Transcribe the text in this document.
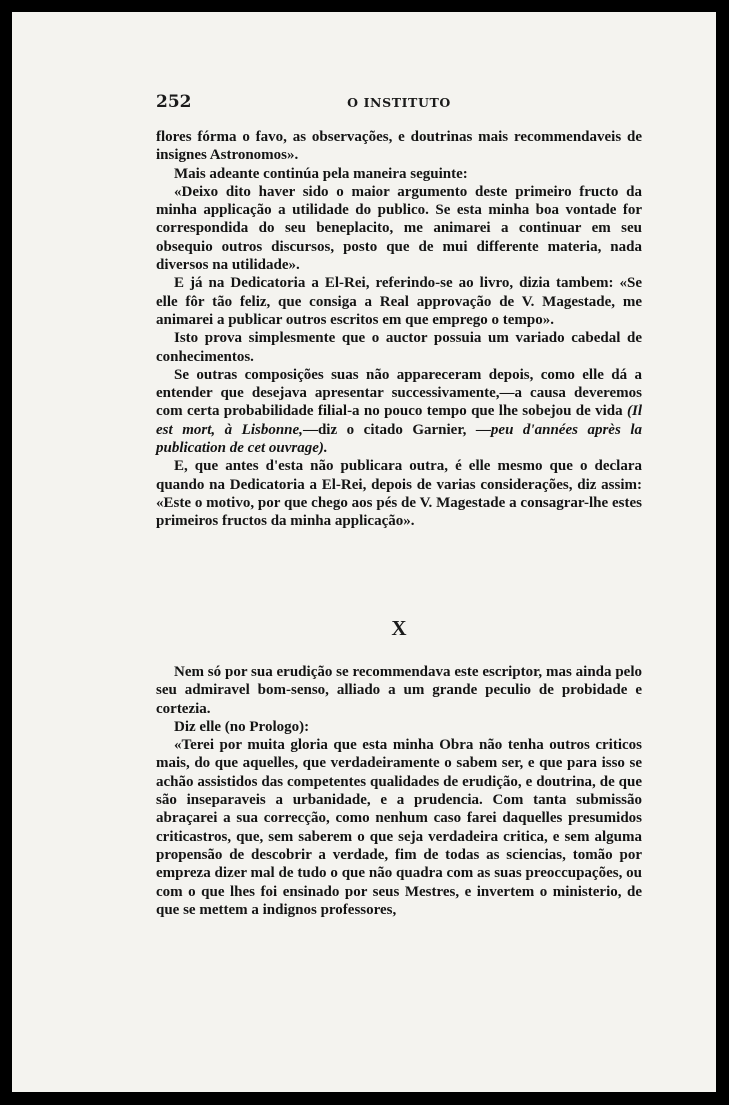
252	O INSTITUTO

flores fórma o favo, as observações, e doutrinas mais recommendaveis de insignes Astronomos».

Mais adeante continúa pela maneira seguinte:

«Deixo dito haver sido o maior argumento deste primeiro fructo da minha applicação a utilidade do publico. Se esta minha boa vontade for correspondida do seu beneplacito, me animarei a continuar em seu obsequio outros discursos, posto que de mui differente materia, nada diversos na utilidade».

E já na Dedicatoria a El-Rei, referindo-se ao livro, dizia tambem: «Se elle fôr tão feliz, que consiga a Real approvação de V. Magestade, me animarei a publicar outros escritos em que emprego o tempo».

Isto prova simplesmente que o auctor possuia um variado cabedal de conhecimentos.

Se outras composições suas não appareceram depois, como elle dá a entender que desejava apresentar successivamente,—a causa deveremos com certa probabilidade filial-a no pouco tempo que lhe sobejou de vida (Il est mort, à Lisbonne,—diz o citado Garnier, —peu d'années après la publication de cet ouvrage).

E, que antes d'esta não publicara outra, é elle mesmo que o declara quando na Dedicatoria a El-Rei, depois de varias considerações, diz assim: «Este o motivo, por que chego aos pés de V. Magestade a consagrar-lhe estes primeiros fructos da minha applicação».

X

Nem só por sua erudição se recommendava este escriptor, mas ainda pelo seu admiravel bom-senso, alliado a um grande peculio de probidade e cortezia.

Diz elle (no Prologo):

«Terei por muita gloria que esta minha Obra não tenha outros criticos mais, do que aquelles, que verdadeiramente o sabem ser, e que para isso se achão assistidos das competentes qualidades de erudição, e doutrina, de que são inseparaveis a urbanidade, e a prudencia. Com tanta submissão abraçarei a sua correcção, como nenhum caso farei daquelles presumidos criticastros, que, sem saberem o que seja verdadeira critica, e sem alguma propensão de descobrir a verdade, fim de todas as sciencias, tomão por empreza dizer mal de tudo o que não quadra com as suas preoccupações, ou com o que lhes foi ensinado por seus Mestres, e invertem o ministerio, de que se mettem a indignos professores,
